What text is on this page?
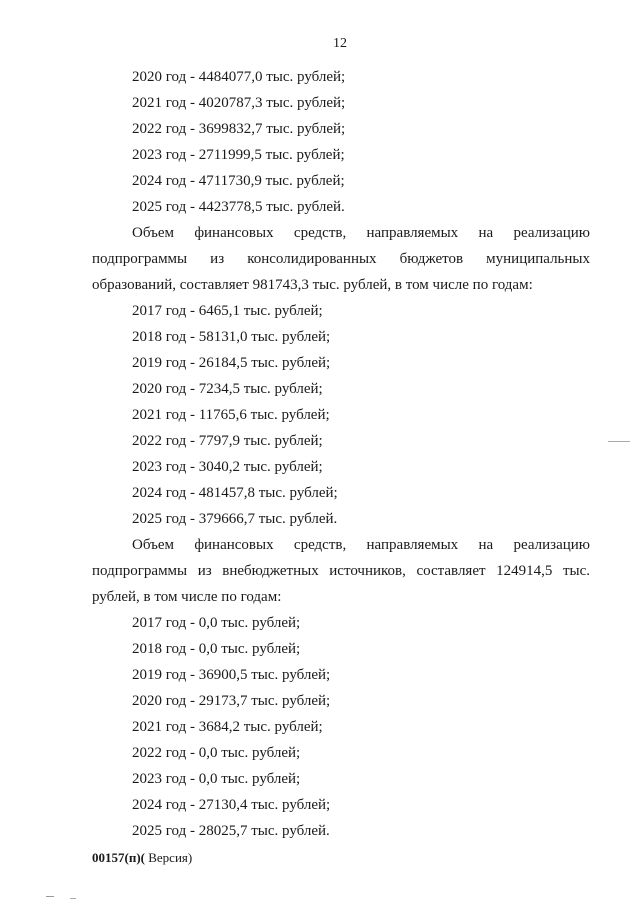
12
2020 год - 4484077,0 тыс. рублей;
2021 год - 4020787,3 тыс. рублей;
2022 год - 3699832,7 тыс. рублей;
2023 год - 2711999,5 тыс. рублей;
2024 год - 4711730,9 тыс. рублей;
2025 год - 4423778,5 тыс. рублей.
Объем финансовых средств, направляемых на реализацию
подпрограммы из консолидированных бюджетов муниципальных
образований, составляет 981743,3 тыс. рублей, в том числе по годам:
2017 год - 6465,1 тыс. рублей;
2018 год - 58131,0 тыс. рублей;
2019 год - 26184,5 тыс. рублей;
2020 год - 7234,5 тыс. рублей;
2021 год - 11765,6 тыс. рублей;
2022 год - 7797,9 тыс. рублей;
2023 год - 3040,2 тыс. рублей;
2024 год - 481457,8 тыс. рублей;
2025 год - 379666,7 тыс. рублей.
Объем финансовых средств, направляемых на реализацию
подпрограммы из внебюджетных источников, составляет 124914,5 тыс.
рублей, в том числе по годам:
2017 год - 0,0 тыс. рублей;
2018 год - 0,0 тыс. рублей;
2019 год - 36900,5 тыс. рублей;
2020 год - 29173,7 тыс. рублей;
2021 год - 3684,2 тыс. рублей;
2022 год - 0,0 тыс. рублей;
2023 год - 0,0 тыс. рублей;
2024 год - 27130,4 тыс. рублей;
2025 год - 28025,7 тыс. рублей.
00157(п)( Версия)
